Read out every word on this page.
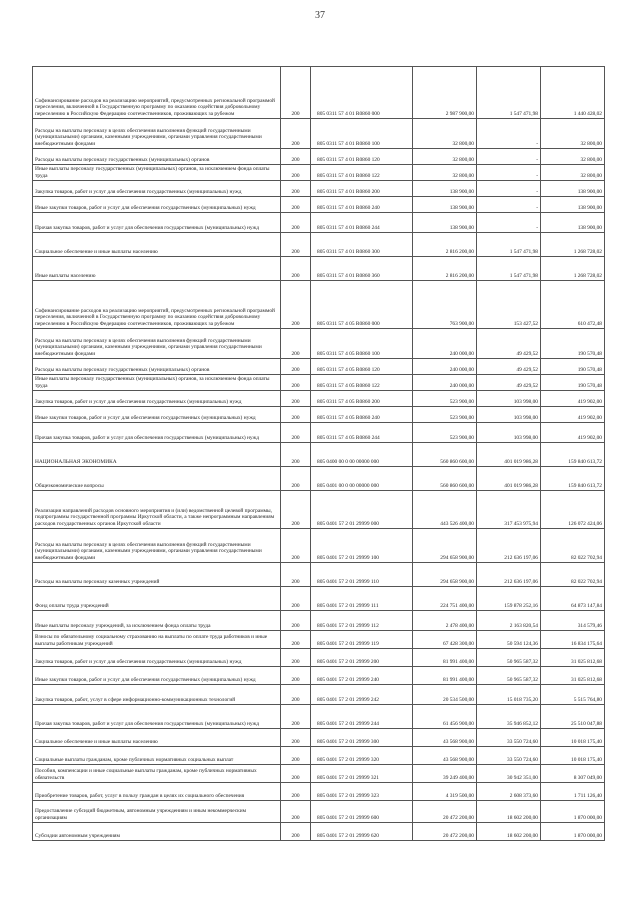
37
Софинансирование расходов на реализацию мероприятий, предусмотренных региональной программой переселения, включенной в Государственную программу по оказанию содействия добровольному переселению в Российскую Федерацию соотечественников, проживающих за рубежом	200	805 0311 57 4 01 R0860 000	2 987 900,00	1 547 471,98	1 440 428,02
Расходы на выплаты персоналу в целях обеспечения выполнения функций государственными (муниципальными) органами, казенными учреждениями, органами управления государственными внебюджетными фондами	200	805 0311 57 4 01 R0860 100	32 800,00	-	32 800,00
Расходы на выплаты персоналу государственных (муниципальных) органов	200	805 0311 57 4 01 R0860 120	32 800,00	-	32 800,00
Иные выплаты персоналу государственных (муниципальных) органов, за исключением фонда оплаты труда	200	805 0311 57 4 01 R0860 122	32 800,00	-	32 800,00
Закупка товаров, работ и услуг для обеспечения государственных (муниципальных) нужд	200	805 0311 57 4 01 R0860 200	138 900,00	-	138 900,00
Иные закупки товаров, работ и услуг для обеспечения государственных (муниципальных) нужд	200	805 0311 57 4 01 R0860 240	138 900,00	-	138 900,00
Прочая закупка товаров, работ и услуг для обеспечения государственных (муниципальных) нужд	200	805 0311 57 4 01 R0860 244	138 900,00	-	138 900,00
Социальное обеспечение и иные выплаты населению	200	805 0311 57 4 01 R0860 300	2 816 200,00	1 547 471,98	1 268 728,02
Иные выплаты населению	200	805 0311 57 4 01 R0860 360	2 816 200,00	1 547 471,98	1 268 728,02
Софинансирование расходов на реализацию мероприятий, предусмотренных региональной программой переселения, включенной в Государственную программу по оказанию содействия добровольному переселению в Российскую Федерацию соотечественников, проживающих за рубежом	200	805 0311 57 4 05 R0860 000	763 900,00	153 427,52	610 472,48
Расходы на выплаты персоналу в целях обеспечения выполнения функций государственными (муниципальными) органами, казенными учреждениями, органами управления государственными внебюджетными фондами	200	805 0311 57 4 05 R0860 100	240 000,00	49 429,52	190 570,48
Расходы на выплаты персоналу государственных (муниципальных) органов	200	805 0311 57 4 05 R0860 120	240 000,00	49 429,52	190 570,48
Иные выплаты персоналу государственных (муниципальных) органов, за исключением фонда оплаты труда	200	805 0311 57 4 05 R0860 122	240 000,00	49 429,52	190 570,48
Закупка товаров, работ и услуг для обеспечения государственных (муниципальных) нужд	200	805 0311 57 4 05 R0860 200	523 900,00	103 998,00	419 902,00
Иные закупки товаров, работ и услуг для обеспечения государственных (муниципальных) нужд	200	805 0311 57 4 05 R0860 240	523 900,00	103 998,00	419 902,00
Прочая закупка товаров, работ и услуг для обеспечения государственных (муниципальных) нужд	200	805 0311 57 4 05 R0860 244	523 900,00	103 998,00	419 902,00
НАЦИОНАЛЬНАЯ ЭКОНОМИКА	200	805 0400 00 0 00 00000 000	560 860 600,00	401 019 986,28	159 840 613,72
Общеэкономические вопросы	200	805 0401 00 0 00 00000 000	560 860 600,00	401 019 986,28	159 840 613,72
Реализация направлений расходов основного мероприятия и (или) ведомственной целевой программы, подпрограммы государственной программы Иркутской области, а также непрограммным направлениям расходов государственных органов Иркутской области	200	805 0401 57 2 01 29999 000	443 526 400,00	317 453 975,94	126 072 424,06
Расходы на выплаты персоналу в целях обеспечения выполнения функций государственными (муниципальными) органами, казенными учреждениями, органами управления государственными внебюджетными фондами	200	805 0401 57 2 01 29999 100	294 658 900,00	212 636 197,06	82 022 702,94
Расходы на выплаты персоналу казенных учреждений	200	805 0401 57 2 01 29999 110	294 658 900,00	212 636 197,06	82 022 702,94
Фонд оплаты труда учреждений	200	805 0401 57 2 01 29999 111	224 751 400,00	159 878 252,16	64 873 147,84
Иные выплаты персоналу учреждений, за исключением фонда оплаты труда	200	805 0401 57 2 01 29999 112	2 478 400,00	2 163 820,54	314 579,46
Взносы по обязательному социальному страхованию на выплаты по оплате труда работников и иные выплаты работникам учреждений	200	805 0401 57 2 01 29999 119	67 428 300,00	50 594 124,36	16 834 175,64
Закупка товаров, работ и услуг для обеспечения государственных (муниципальных) нужд	200	805 0401 57 2 01 29999 200	81 991 400,00	50 965 587,32	31 025 812,68
Иные закупки товаров, работ и услуг для обеспечения государственных (муниципальных) нужд	200	805 0401 57 2 01 29999 240	81 991 400,00	50 965 587,32	31 025 812,68
Закупка товаров, работ, услуг в сфере информационно-коммуникационных технологий	200	805 0401 57 2 01 29999 242	20 534 500,00	15 018 735,20	5 515 764,80
Прочая закупка товаров, работ и услуг для обеспечения государственных (муниципальных) нужд	200	805 0401 57 2 01 29999 244	61 456 900,00	35 946 852,12	25 510 047,88
Социальное обеспечение и иные выплаты населению	200	805 0401 57 2 01 29999 300	43 568 900,00	33 550 724,60	10 018 175,40
Социальные выплаты гражданам, кроме публичных нормативных социальных выплат	200	805 0401 57 2 01 29999 320	43 568 900,00	33 550 724,60	10 018 175,40
Пособия, компенсации и иные социальные выплаты гражданам, кроме публичных нормативных обязательств	200	805 0401 57 2 01 29999 321	39 249 400,00	30 942 351,00	8 307 049,00
Приобретение товаров, работ, услуг в пользу граждан в целях их социального обеспечения	200	805 0401 57 2 01 29999 323	4 319 500,00	2 608 373,60	1 711 126,40
Предоставление субсидий бюджетным, автономным учреждениям и иным некоммерческим организациям	200	805 0401 57 2 01 29999 600	20 472 200,00	18 602 200,00	1 870 000,00
Субсидии автономным учреждениям	200	805 0401 57 2 01 29999 620	20 472 200,00	18 602 200,00	1 870 000,00
